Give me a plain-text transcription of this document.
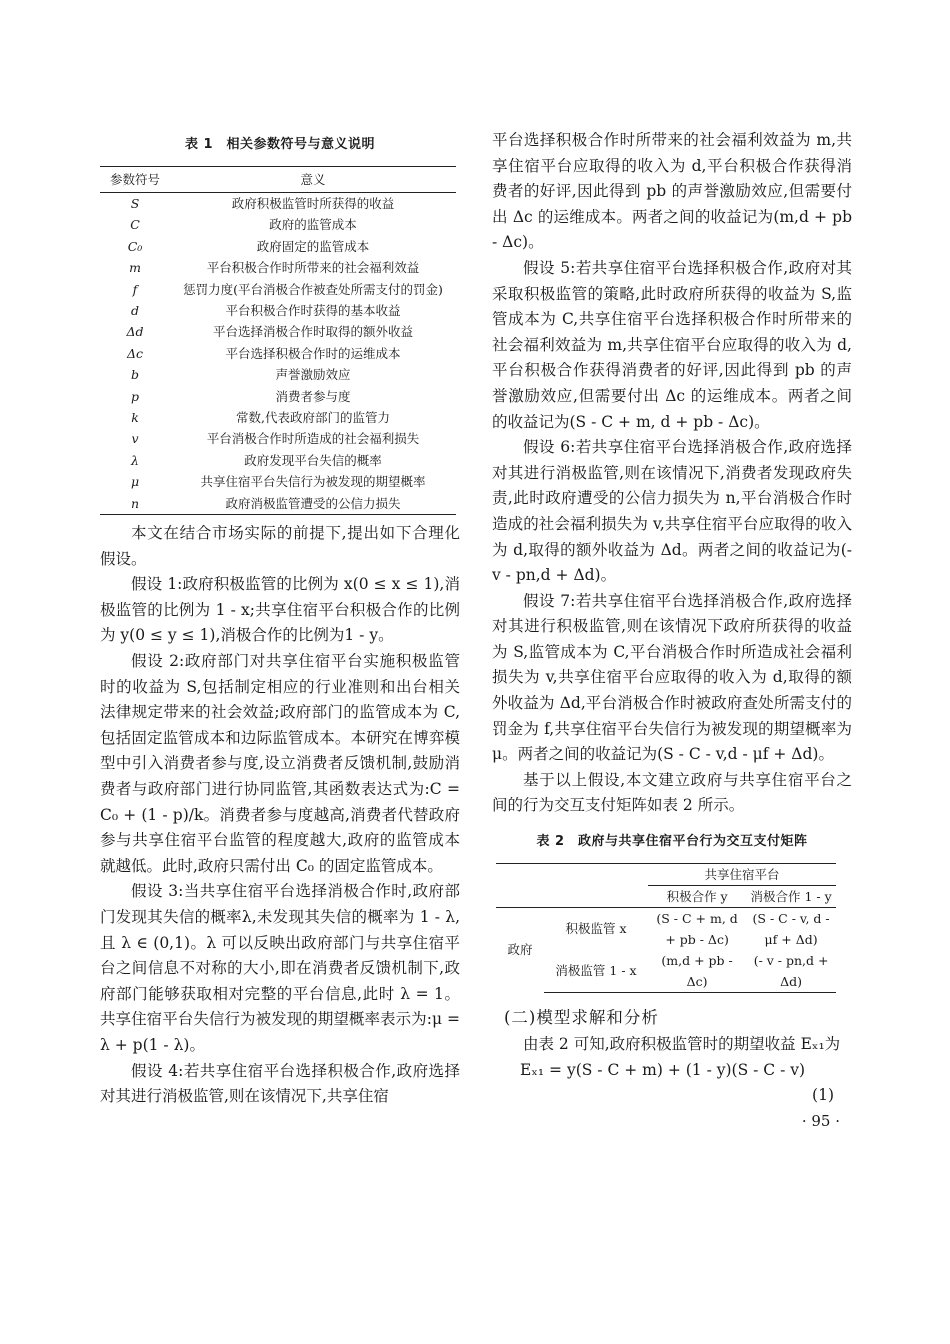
表 1　相关参数符号与意义说明
参数符号	意义
S	政府积极监管时所获得的收益
C	政府的监管成本
C₀	政府固定的监管成本
m	平台积极合作时所带来的社会福利效益
f	惩罚力度(平台消极合作被查处所需支付的罚金)
d	平台积极合作时获得的基本收益
Δd	平台选择消极合作时取得的额外收益
Δc	平台选择积极合作时的运维成本
b	声誉激励效应
p	消费者参与度
k	常数,代表政府部门的监管力
v	平台消极合作时所造成的社会福利损失
λ	政府发现平台失信的概率
μ	共享住宿平台失信行为被发现的期望概率
n	政府消极监管遭受的公信力损失

本文在结合市场实际的前提下,提出如下合理化假设。

假设 1:政府积极监管的比例为 x(0 ≤ x ≤ 1),消极监管的比例为 1 - x;共享住宿平台积极合作的比例为 y(0 ≤ y ≤ 1),消极合作的比例为1 - y。

假设 2:政府部门对共享住宿平台实施积极监管时的收益为 S,包括制定相应的行业准则和出台相关法律规定带来的社会效益;政府部门的监管成本为 C,包括固定监管成本和边际监管成本。本研究在博弈模型中引入消费者参与度,设立消费者反馈机制,鼓励消费者与政府部门进行协同监管,其函数表达式为:C = C₀ + (1 - p)/k。消费者参与度越高,消费者代替政府参与共享住宿平台监管的程度越大,政府的监管成本就越低。此时,政府只需付出 C₀ 的固定监管成本。

假设 3:当共享住宿平台选择消极合作时,政府部门发现其失信的概率λ,未发现其失信的概率为 1 - λ,且 λ ∈ (0,1)。λ 可以反映出政府部门与共享住宿平台之间信息不对称的大小,即在消费者反馈机制下,政府部门能够获取相对完整的平台信息,此时 λ = 1。共享住宿平台失信行为被发现的期望概率表示为:μ = λ + p(1 - λ)。

假设 4:若共享住宿平台选择积极合作,政府选择对其进行消极监管,则在该情况下,共享住宿

平台选择积极合作时所带来的社会福利效益为 m,共享住宿平台应取得的收入为 d,平台积极合作获得消费者的好评,因此得到 pb 的声誉激励效应,但需要付出 Δc 的运维成本。两者之间的收益记为(m,d + pb - Δc)。

假设 5:若共享住宿平台选择积极合作,政府对其采取积极监管的策略,此时政府所获得的收益为 S,监管成本为 C,共享住宿平台选择积极合作时所带来的社会福利效益为 m,共享住宿平台应取得的收入为 d,平台积极合作获得消费者的好评,因此得到 pb 的声誉激励效应,但需要付出 Δc 的运维成本。两者之间的收益记为(S - C + m, d + pb - Δc)。

假设 6:若共享住宿平台选择消极合作,政府选择对其进行消极监管,则在该情况下,消费者发现政府失责,此时政府遭受的公信力损失为 n,平台消极合作时造成的社会福利损失为 v,共享住宿平台应取得的收入为 d,取得的额外收益为 Δd。两者之间的收益记为(- v - pn,d + Δd)。

假设 7:若共享住宿平台选择消极合作,政府选择对其进行积极监管,则在该情况下政府所获得的收益为 S,监管成本为 C,平台消极合作时所造成社会福利损失为 v,共享住宿平台应取得的收入为 d,取得的额外收益为 Δd,平台消极合作时被政府查处所需支付的罚金为 f,共享住宿平台失信行为被发现的期望概率为 μ。两者之间的收益记为(S - C - v,d - μf + Δd)。

基于以上假设,本文建立政府与共享住宿平台之间的行为交互支付矩阵如表 2 所示。

表 2　政府与共享住宿平台行为交互支付矩阵
		共享住宿平台	
		积极合作 y	消极合作 1 - y
政府	积极监管 x	(S - C + m, d + pb - Δc)	(S - C - v, d - μf + Δd)
	消极监管 1 - x	(m,d + pb - Δc)	(- v - pn,d + Δd)
(二)模型求解和分析

由表 2 可知,政府积极监管时的期望收益 Eₓ₁为

Eₓ₁ = y(S - C + m) + (1 - y)(S - C - v)

(1)

· 95 ·
